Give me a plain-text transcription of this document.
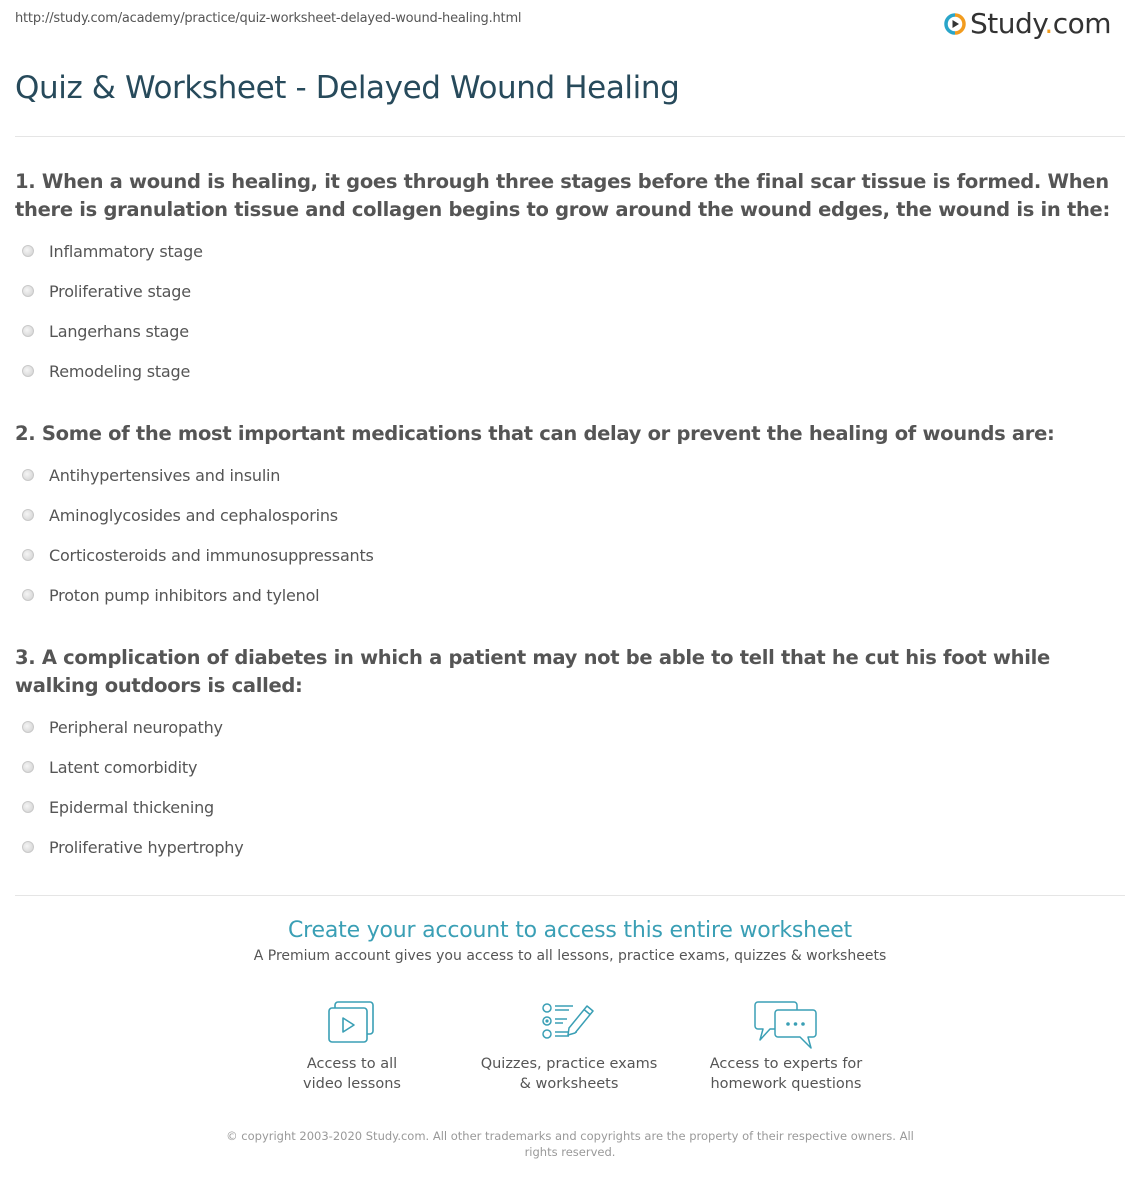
http://study.com/academy/practice/quiz-worksheet-delayed-wound-healing.html	Study.com
Quiz & Worksheet - Delayed Wound Healing

1. When a wound is healing, it goes through three stages before the final scar tissue is formed. When there is granulation tissue and collagen begins to grow around the wound edges, the wound is in the:

Inflammatory stage
Proliferative stage
Langerhans stage
Remodeling stage

2. Some of the most important medications that can delay or prevent the healing of wounds are:

Antihypertensives and insulin
Aminoglycosides and cephalosporins
Corticosteroids and immunosuppressants
Proton pump inhibitors and tylenol

3. A complication of diabetes in which a patient may not be able to tell that he cut his foot while walking outdoors is called:

Peripheral neuropathy
Latent comorbidity
Epidermal thickening
Proliferative hypertrophy
Create your account to access this entire worksheet
A Premium account gives you access to all lessons, practice exams, quizzes & worksheets
Access to all
video lessons
Quizzes, practice exams
& worksheets
Access to experts for
homework questions
© copyright 2003-2020 Study.com. All other trademarks and copyrights are the property of their respective owners. All rights reserved.
